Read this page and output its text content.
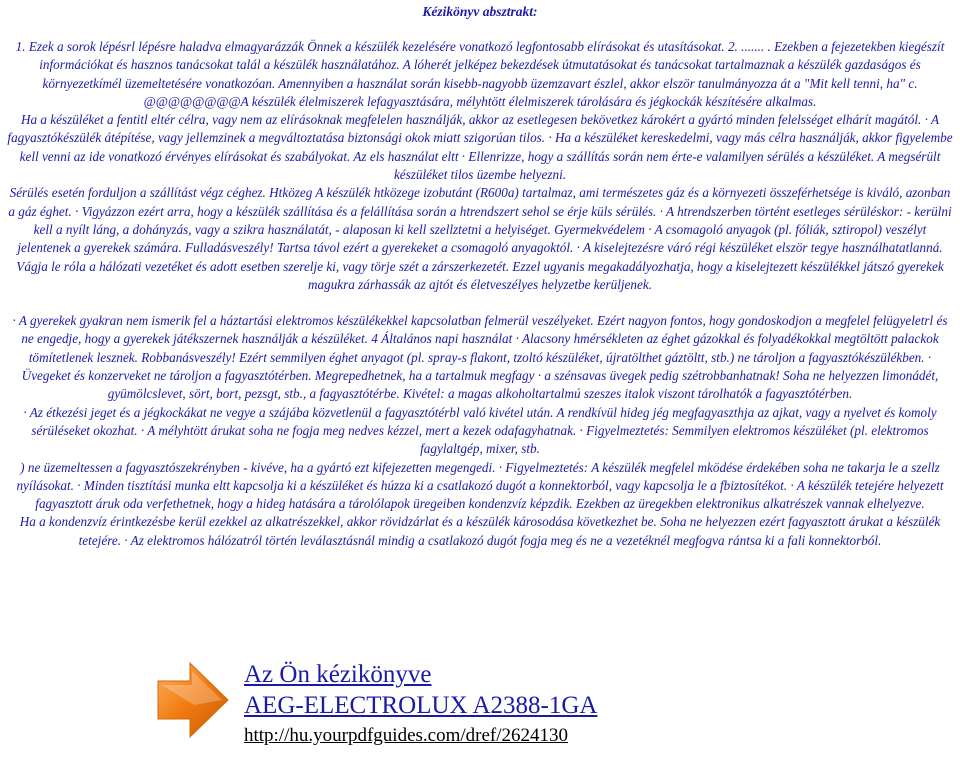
Kézikönyv absztrakt:

1. Ezek a sorok lépésrl lépésre haladva elmagyarázzák Önnek a készülék kezelésére vonatkozó legfontosabb elírásokat és utasításokat. 2. ....... . Ezekben a fejezetekben kiegészít információkat és hasznos tanácsokat talál a készülék használatához. A lóherét jelképez bekezdések útmutatásokat és tanácsokat tartalmaznak a készülék gazdaságos és környezetkímél üzemeltetésére vonatkozóan. Amennyiben a használat során kisebb-nagyobb üzemzavart észlel, akkor elször tanulmányozza át a "Mit kell tenni, ha" c. @@@@@@@@A készülék élelmiszerek lefagyasztására, mélyhtött élelmiszerek tárolására és jégkockák készítésére alkalmas.

Ha a készüléket a fentitl eltér célra, vagy nem az elírásoknak megfelelen használják, akkor az esetlegesen bekövetkez károkért a gyártó minden felelsséget elhárít magától. · A fagyasztókészülék átépítése, vagy jellemzinek a megváltoztatása biztonsági okok miatt szigorúan tilos. · Ha a készüléket kereskedelmi, vagy más célra használják, akkor figyelembe kell venni az ide vonatkozó érvényes elírásokat és szabályokat. Az els használat eltt · Ellenrizze, hogy a szállítás során nem érte-e valamilyen sérülés a készüléket. A megsérült készüléket tilos üzembe helyezni.

Sérülés esetén forduljon a szállítást végz céghez. Htközeg A készülék htközege izobutánt (R600a) tartalmaz, ami természetes gáz és a környezeti összeférhetsége is kiváló, azonban a gáz éghet. · Vigyázzon ezért arra, hogy a készülék szállítása és a felállítása során a htrendszert sehol se érje küls sérülés. · A htrendszerben történt esetleges sérüléskor: - kerülni kell a nyílt láng, a dohányzás, vagy a szikra használatát, - alaposan ki kell szellztetni a helyiséget. Gyermekvédelem · A csomagoló anyagok (pl. fóliák, sztiropol) veszélyt jelentenek a gyerekek számára. Fulladásveszély! Tartsa távol ezért a gyerekeket a csomagoló anyagoktól. · A kiselejtezésre váró régi készüléket elször tegye használhatatlanná. Vágja le róla a hálózati vezetéket és adott esetben szerelje ki, vagy törje szét a zárszerkezetét. Ezzel ugyanis megakadályozhatja, hogy a kiselejtezett készülékkel játszó gyerekek magukra zárhassák az ajtót és életveszélyes helyzetbe kerüljenek.

· A gyerekek gyakran nem ismerik fel a háztartási elektromos készülékekkel kapcsolatban felmerül veszélyeket. Ezért nagyon fontos, hogy gondoskodjon a megfelel felügyeletrl és ne engedje, hogy a gyerekek játékszernek használják a készüléket. 4 Általános napi használat · Alacsony hmérsékleten az éghet gázokkal és folyadékokkal megtöltött palackok tömítetlenek lesznek. Robbanásveszély! Ezért semmilyen éghet anyagot (pl. spray-s flakont, tzoltó készüléket, újratölthet gáztöltt, stb.) ne tároljon a fagyasztókészülékben. · Üvegeket és konzerveket ne tároljon a fagyasztótérben. Megrepedhetnek, ha a tartalmuk megfagy · a szénsavas üvegek pedig szétrobbanhatnak! Soha ne helyezzen limonádét, gyümölcslevet, sört, bort, pezsgt, stb., a fagyasztótérbe. Kivétel: a magas alkoholtartalmú szeszes italok viszont tárolhatók a fagyasztótérben.

· Az étkezési jeget és a jégkockákat ne vegye a szájába közvetlenül a fagyasztótérbl való kivétel után. A rendkívül hideg jég megfagyaszthja az ajkat, vagy a nyelvet és komoly sérüléseket okozhat. · A mélyhtött árukat soha ne fogja meg nedves kézzel, mert a kezek odafagyhatnak. · Figyelmeztetés: Semmilyen elektromos készüléket (pl. elektromos fagylaltgép, mixer, stb.

) ne üzemeltessen a fagyasztószekrényben - kivéve, ha a gyártó ezt kifejezetten megengedi. · Figyelmeztetés: A készülék megfelel mködése érdekében soha ne takarja le a szellz nyílásokat. · Minden tisztítási munka eltt kapcsolja ki a készüléket és húzza ki a csatlakozó dugót a konnektorból, vagy kapcsolja le a fbiztosítékot. · A készülék tetejére helyezett fagyasztott áruk oda verfethetnek, hogy a hideg hatására a tárolólapok üregeiben kondenzvíz képzdik. Ezekben az üregekben elektronikus alkatrészek vannak elhelyezve.

Ha a kondenzvíz érintkezésbe kerül ezekkel az alkatrészekkel, akkor rövidzárlat és a készülék károsodása következhet be. Soha ne helyezzen ezért fagyasztott árukat a készülék tetejére. · Az elektromos hálózatról történ leválasztásnál mindig a csatlakozó dugót fogja meg és ne a vezetéknél megfogva rántsa ki a fali konnektorból.

Az Ön kézikönyve
AEG-ELECTROLUX A2388-1GA
http://hu.yourpdfguides.com/dref/2624130
